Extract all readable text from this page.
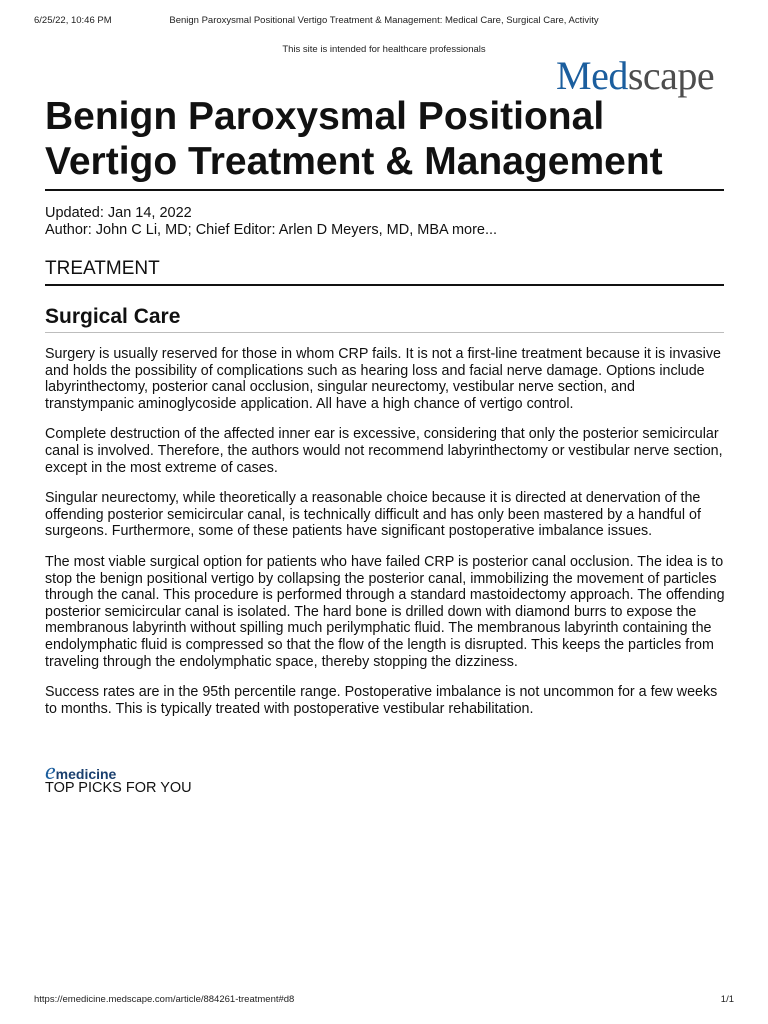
Benign Paroxysmal Positional Vertigo Treatment & Management: Medical Care, Surgical Care, Activity
6/25/22, 10:46 PM
This site is intended for healthcare professionals
Medscape
Benign Paroxysmal Positional Vertigo Treatment & Management
Updated: Jan 14, 2022
Author: John C Li, MD; Chief Editor: Arlen D Meyers, MD, MBA more...
TREATMENT
Surgical Care

Surgery is usually reserved for those in whom CRP fails. It is not a first-line treatment because it is invasive and holds the possibility of complications such as hearing loss and facial nerve damage. Options include labyrinthectomy, posterior canal occlusion, singular neurectomy, vestibular nerve section, and transtympanic aminoglycoside application. All have a high chance of vertigo control.

Complete destruction of the affected inner ear is excessive, considering that only the posterior semicircular canal is involved. Therefore, the authors would not recommend labyrinthectomy or vestibular nerve section, except in the most extreme of cases.

Singular neurectomy, while theoretically a reasonable choice because it is directed at denervation of the offending posterior semicircular canal, is technically difficult and has only been mastered by a handful of surgeons. Furthermore, some of these patients have significant postoperative imbalance issues.

The most viable surgical option for patients who have failed CRP is posterior canal occlusion. The idea is to stop the benign positional vertigo by collapsing the posterior canal, immobilizing the movement of particles through the canal. This procedure is performed through a standard mastoidectomy approach. The offending posterior semicircular canal is isolated. The hard bone is drilled down with diamond burrs to expose the membranous labyrinth without spilling much perilymphatic fluid. The membranous labyrinth containing the endolymphatic fluid is compressed so that the flow of the length is disrupted. This keeps the particles from traveling through the endolymphatic space, thereby stopping the dizziness.

Success rates are in the 95th percentile range. Postoperative imbalance is not uncommon for a few weeks to months. This is typically treated with postoperative vestibular rehabilitation.

emedicine
TOP PICKS FOR YOU
https://emedicine.medscape.com/article/884261-treatment#d8	1/1
